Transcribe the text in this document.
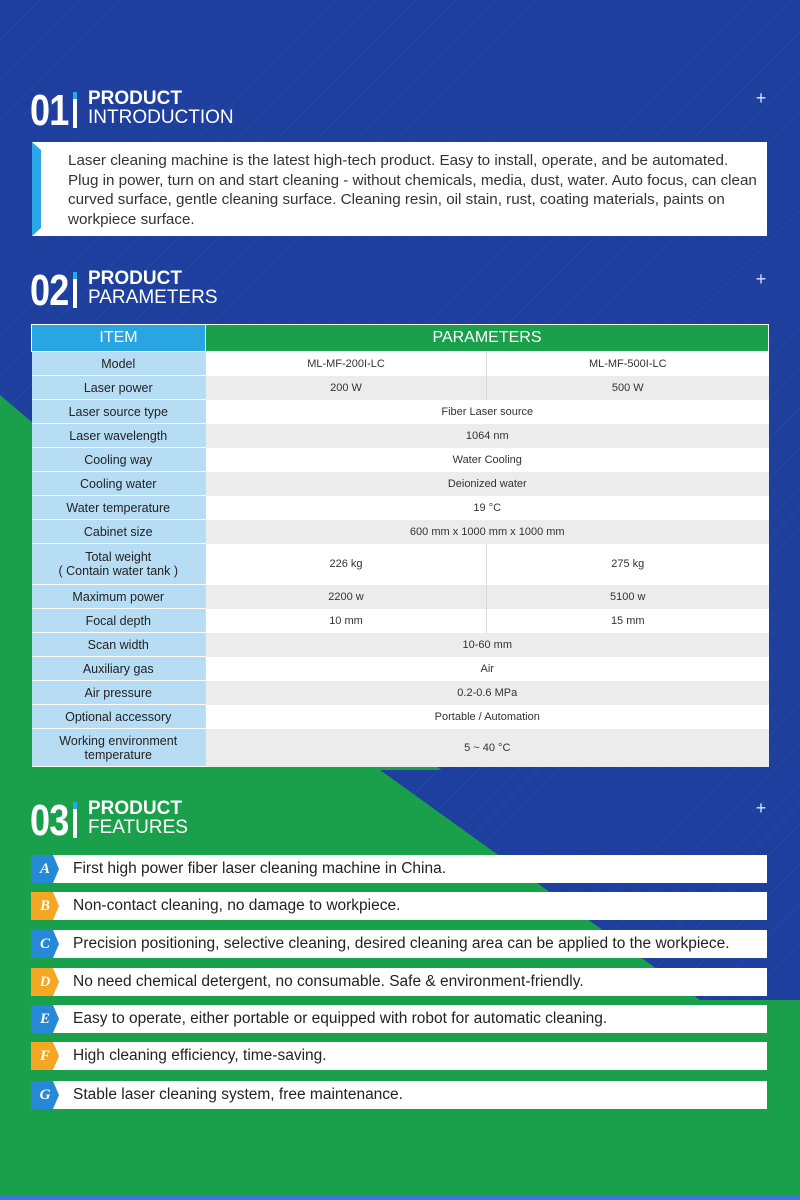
01 PRODUCT
INTRODUCTION
+
Laser cleaning machine is the latest high-tech product. Easy to install, operate, and be automated. Plug in power, turn on and start cleaning - without chemicals, media, dust, water. Auto focus, can clean curved surface, gentle cleaning surface. Cleaning resin, oil stain, rust, coating materials, paints on workpiece surface.
02 PRODUCT
PARAMETERS
+
ITEM	PARAMETERS	
Model	ML-MF-200I-LC	ML-MF-500I-LC
Laser power	200 W	500 W
Laser source type	Fiber Laser source	
Laser wavelength	1064 nm	
Cooling way	Water Cooling	
Cooling water	Deionized water	
Water temperature	19 °C	
Cabinet size	600 mm x 1000 mm x 1000 mm	

Total weight
( Contain water tank )	226 kg	275 kg
Maximum power	2200 w	5100 w
Focal depth	10 mm	15 mm
Scan width	10-60 mm	
Auxiliary gas	Air	
Air pressure	0.2-0.6 MPa	
Optional accessory	Portable / Automation	

Working environment
temperature	5 ~ 40 °C	
03 PRODUCT
FEATURES
+
A	First high power fiber laser cleaning machine in China.
B	Non-contact cleaning, no damage to workpiece.
C	Precision positioning, selective cleaning, desired cleaning area can be applied to the workpiece.
D	No need chemical detergent, no consumable. Safe & environment-friendly.
E	Easy to operate, either portable or equipped with robot for automatic cleaning.
F	High cleaning efficiency, time-saving.
G	Stable laser cleaning system, free maintenance.
